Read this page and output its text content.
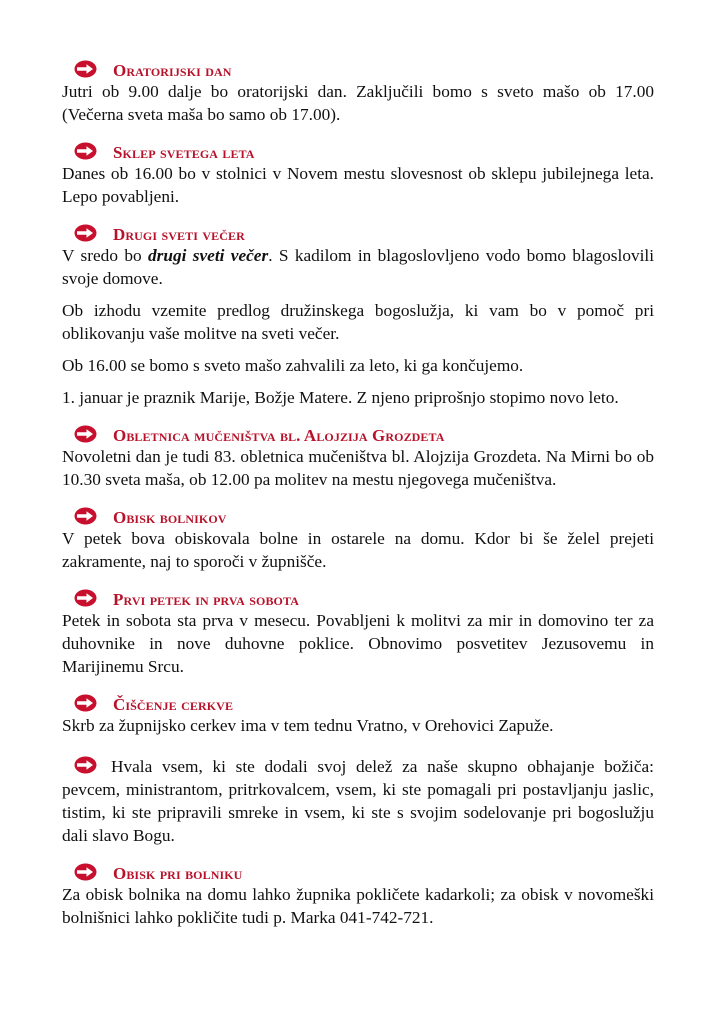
Oratorijski dan

Jutri ob 9.00 dalje bo oratorijski dan. Zaključili bomo s sveto mašo ob 17.00 (Večerna sveta maša bo samo ob 17.00).

Sklep svetega leta

Danes ob 16.00 bo v stolnici v Novem mestu slovesnost ob sklepu jubilejnega leta. Lepo povabljeni.

Drugi sveti večer

V sredo bo drugi sveti večer. S kadilom in blagoslovljeno vodo bomo blagoslovili svoje domove.

Ob izhodu vzemite predlog družinskega bogoslužja, ki vam bo v pomoč pri oblikovanju vaše molitve na sveti večer.

Ob 16.00 se bomo s sveto mašo zahvalili za leto, ki ga končujemo.

1. januar je praznik Marije, Božje Matere. Z njeno priprošnjo stopimo novo leto.

Obletnica mučeništva bl. Alojzija Grozdeta

Novoletni dan je tudi 83. obletnica mučeništva bl. Alojzija Grozdeta. Na Mirni bo ob 10.30 sveta maša, ob 12.00 pa molitev na mestu njegovega mučeništva.

Obisk bolnikov

V petek bova obiskovala bolne in ostarele na domu. Kdor bi še želel prejeti zakramente, naj to sporoči v župnišče.

Prvi petek in prva sobota

Petek in sobota sta prva v mesecu. Povabljeni k molitvi za mir in domovino ter za duhovnike in nove duhovne poklice. Obnovimo posvetitev Jezusovemu in Marijinemu Srcu.

Čiščenje cerkve

Skrb za župnijsko cerkev ima v tem tednu Vratno, v Orehovici Zapuže.

Hvala vsem, ki ste dodali svoj delež za naše skupno obhajanje božiča: pevcem, ministrantom, pritrkovalcem, vsem, ki ste pomagali pri postavljanju jaslic, tistim, ki ste pripravili smreke in vsem, ki ste s svojim sodelovanje pri bogoslužju dali slavo Bogu.

Obisk pri bolniku

Za obisk bolnika na domu lahko župnika pokličete kadarkoli; za obisk v novomeški bolnišnici lahko pokličite tudi p. Marka 041-742-721.
